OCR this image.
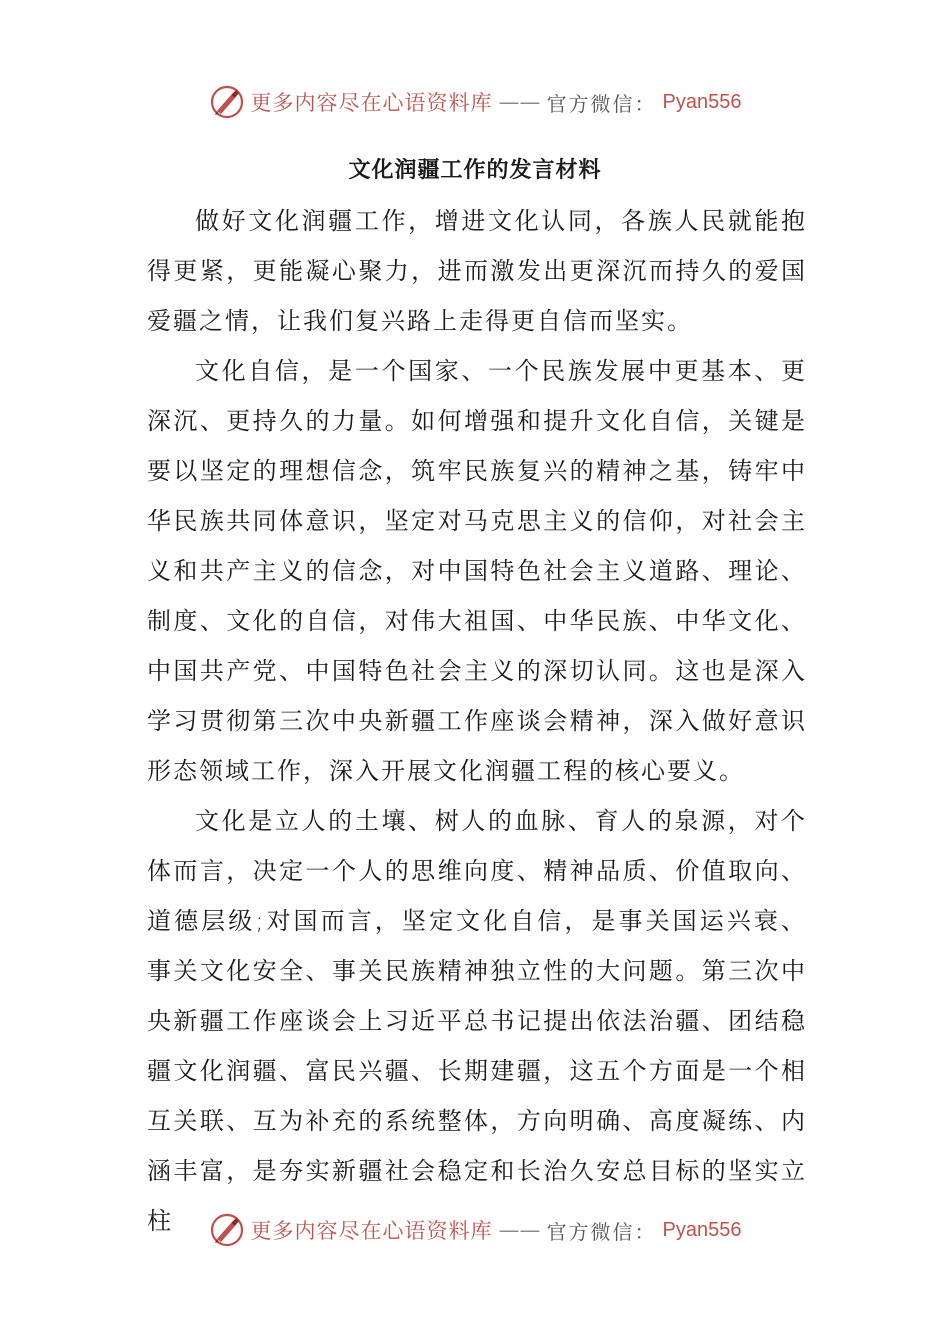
更多内容尽在心语资料库 —— 官方微信： Pyan556
文化润疆工作的发言材料

做好文化润疆工作，增进文化认同，各族人民就能抱得更紧，更能凝心聚力，进而激发出更深沉而持久的爱国爱疆之情，让我们复兴路上走得更自信而坚实。

文化自信，是一个国家、一个民族发展中更基本、更深沉、更持久的力量。如何增强和提升文化自信，关键是要以坚定的理想信念，筑牢民族复兴的精神之基，铸牢中华民族共同体意识，坚定对马克思主义的信仰，对社会主义和共产主义的信念，对中国特色社会主义道路、理论、制度、文化的自信，对伟大祖国、中华民族、中华文化、中国共产党、中国特色社会主义的深切认同。这也是深入学习贯彻第三次中央新疆工作座谈会精神，深入做好意识形态领域工作，深入开展文化润疆工程的核心要义。

文化是立人的土壤、树人的血脉、育人的泉源，对个体而言，决定一个人的思维向度、精神品质、价值取向、道德层级;对国而言，坚定文化自信，是事关国运兴衰、事关文化安全、事关民族精神独立性的大问题。第三次中央新疆工作座谈会上习近平总书记提出依法治疆、团结稳疆文化润疆、富民兴疆、长期建疆，这五个方面是一个相互关联、互为补充的系统整体，方向明确、高度凝练、内涵丰富，是夯实新疆社会稳定和长治久安总目标的坚实立柱	更多内容尽在心语资料库 —— 官方微信： Pyan556
